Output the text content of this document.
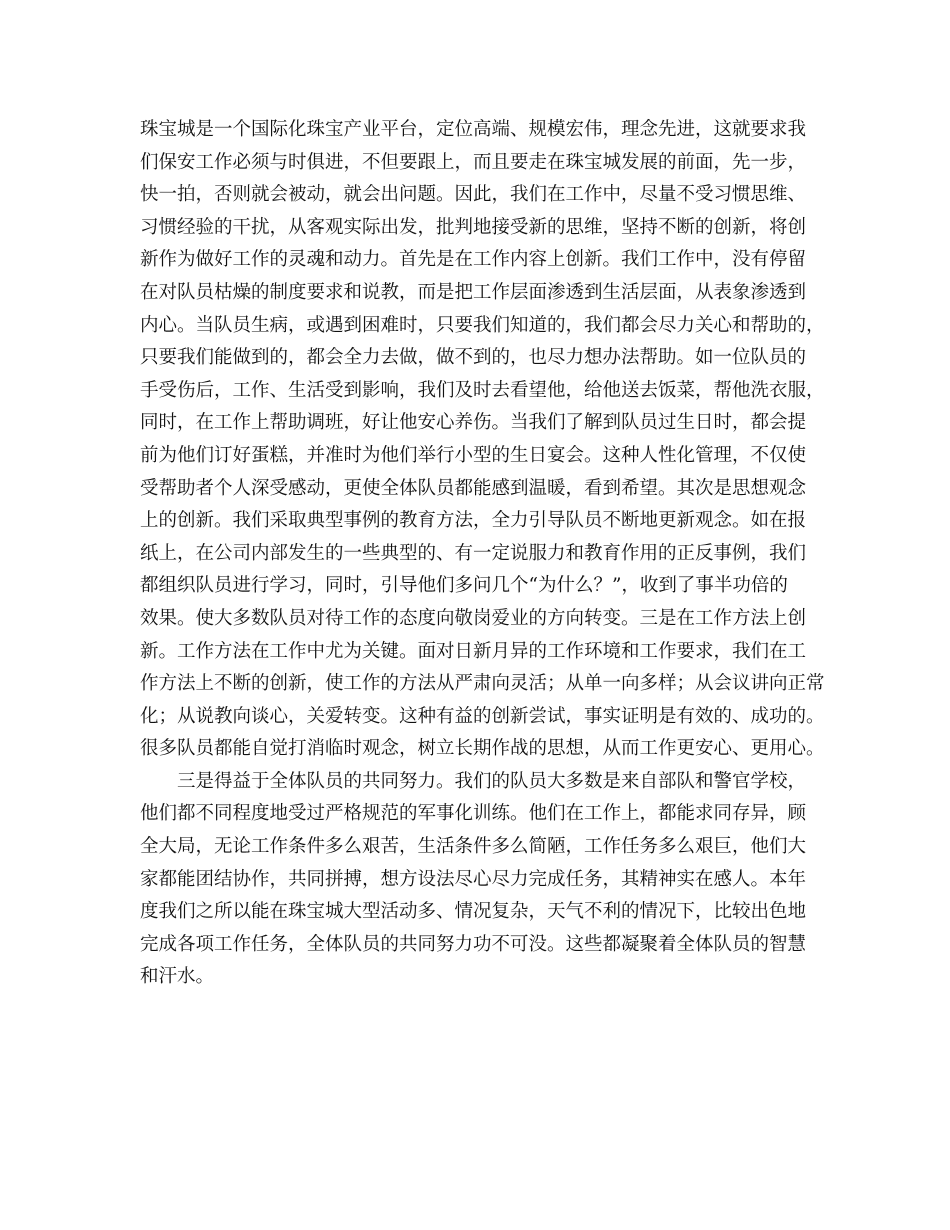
珠宝城是一个国际化珠宝产业平台，定位高端、规模宏伟，理念先进，这就要求我
们保安工作必须与时俱进，不但要跟上，而且要走在珠宝城发展的前面，先一步，
快一拍，否则就会被动，就会出问题。因此，我们在工作中，尽量不受习惯思维、
习惯经验的干扰，从客观实际出发，批判地接受新的思维，坚持不断的创新，将创
新作为做好工作的灵魂和动力。首先是在工作内容上创新。我们工作中，没有停留
在对队员枯燥的制度要求和说教，而是把工作层面渗透到生活层面，从表象渗透到
内心。当队员生病，或遇到困难时，只要我们知道的，我们都会尽力关心和帮助的，
只要我们能做到的，都会全力去做，做不到的，也尽力想办法帮助。如一位队员的
手受伤后，工作、生活受到影响，我们及时去看望他，给他送去饭菜，帮他洗衣服，
同时，在工作上帮助调班，好让他安心养伤。当我们了解到队员过生日时，都会提
前为他们订好蛋糕，并准时为他们举行小型的生日宴会。这种人性化管理，不仅使
受帮助者个人深受感动，更使全体队员都能感到温暖，看到希望。其次是思想观念
上的创新。我们采取典型事例的教育方法，全力引导队员不断地更新观念。如在报
纸上，在公司内部发生的一些典型的、有一定说服力和教育作用的正反事例，我们
都组织队员进行学习，同时，引导他们多问几个“为什么？”，收到了事半功倍的
效果。使大多数队员对待工作的态度向敬岗爱业的方向转变。三是在工作方法上创
新。工作方法在工作中尤为关键。面对日新月异的工作环境和工作要求，我们在工
作方法上不断的创新，使工作的方法从严肃向灵活；从单一向多样；从会议讲向正常
化；从说教向谈心，关爱转变。这种有益的创新尝试，事实证明是有效的、成功的。
很多队员都能自觉打消临时观念，树立长期作战的思想，从而工作更安心、更用心。
三是得益于全体队员的共同努力。我们的队员大多数是来自部队和警官学校，
他们都不同程度地受过严格规范的军事化训练。他们在工作上，都能求同存异，顾
全大局，无论工作条件多么艰苦，生活条件多么简陋，工作任务多么艰巨，他们大
家都能团结协作，共同拼搏，想方设法尽心尽力完成任务，其精神实在感人。本年
度我们之所以能在珠宝城大型活动多、情况复杂，天气不利的情况下，比较出色地
完成各项工作任务，全体队员的共同努力功不可没。这些都凝聚着全体队员的智慧
和汗水。
